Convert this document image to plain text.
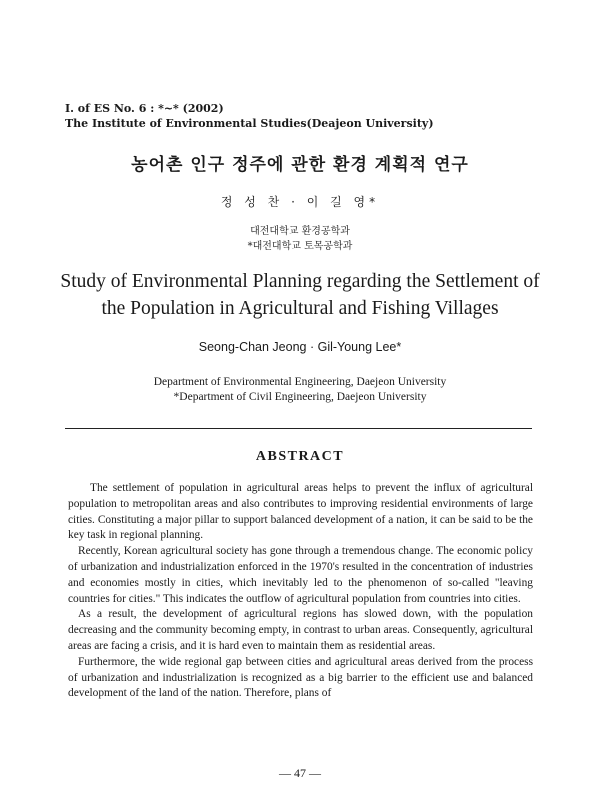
I. of ES No. 6 : *~* (2002)
The Institute of Environmental Studies(Deajeon University)
농어촌 인구 정주에 관한 환경 계획적 연구
정 성 찬 · 이 길 영*
대전대학교 환경공학과
*대전대학교 토목공학과
Study of Environmental Planning regarding the Settlement of
the Population in Agricultural and Fishing Villages
Seong-Chan Jeong · Gil-Young Lee*
Department of Environmental Engineering, Daejeon University
*Department of Civil Engineering, Daejeon University
ABSTRACT

The settlement of population in agricultural areas helps to prevent the influx of agricultural population to metropolitan areas and also contributes to improving residential environments of large cities. Constituting a major pillar to support balanced development of a nation, it can be said to be the key task in regional planning.

Recently, Korean agricultural society has gone through a tremendous change. The economic policy of urbanization and industrialization enforced in the 1970's resulted in the concentration of industries and economies mostly in cities, which inevitably led to the phenomenon of so-called "leaving countries for cities." This indicates the outflow of agricultural population from countries into cities.

As a result, the development of agricultural regions has slowed down, with the population decreasing and the community becoming empty, in contrast to urban areas. Consequently, agricultural areas are facing a crisis, and it is hard even to maintain them as residential areas.

Furthermore, the wide regional gap between cities and agricultural areas derived from the process of urbanization and industrialization is recognized as a big barrier to the efficient use and balanced development of the land of the nation. Therefore, plans of

— 47 —
